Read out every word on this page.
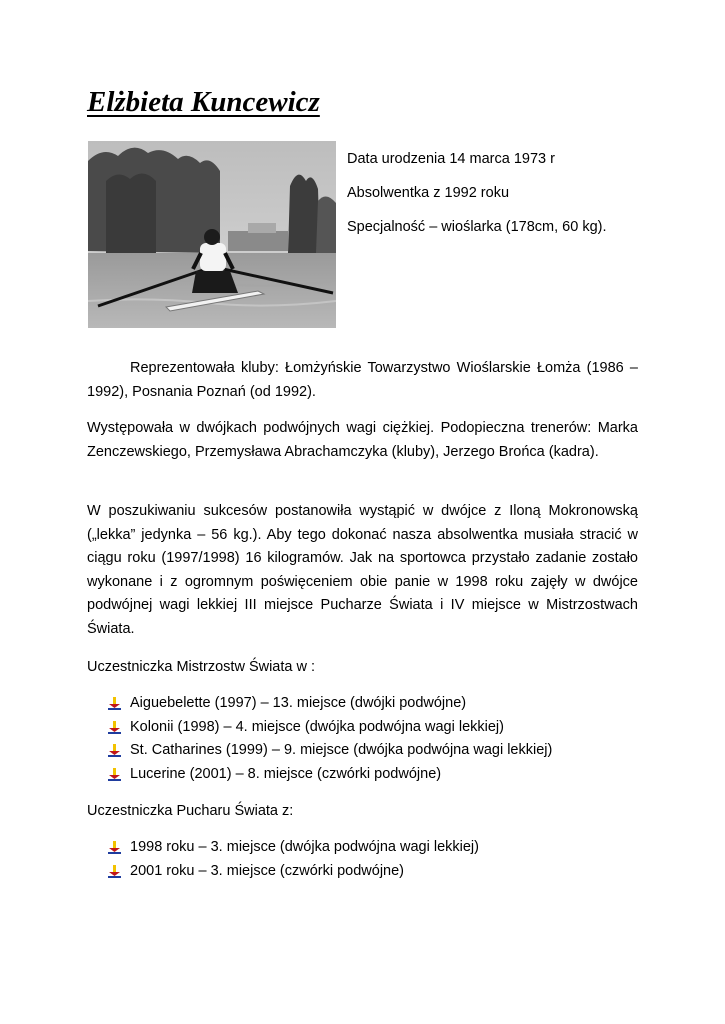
Elżbieta Kuncewicz

Data urodzenia 14 marca 1973 r

Absolwentka z 1992 roku

Specjalność – wioślarka (178cm, 60 kg).

Reprezentowała kluby: Łomżyńskie Towarzystwo Wioślarskie Łomża (1986 – 1992), Posnania Poznań (od 1992).

Występowała w dwójkach podwójnych wagi ciężkiej. Podopieczna trenerów: Marka Zenczewskiego, Przemysława Abrachamczyka (kluby), Jerzego Brońca (kadra).

W poszukiwaniu sukcesów postanowiła wystąpić w dwójce z Iloną Mokronowską („lekka” jedynka – 56 kg.). Aby tego dokonać nasza absolwentka musiała stracić w ciągu roku (1997/1998) 16 kilogramów. Jak na sportowca przystało zadanie zostało wykonane i z ogromnym poświęceniem obie panie w 1998 roku zajęły w dwójce podwójnej wagi lekkiej III miejsce Pucharze Świata i IV miejsce w Mistrzostwach Świata.

Uczestniczka Mistrzostw Świata w :

Aiguebelette (1997) – 13. miejsce (dwójki podwójne)
Kolonii (1998) – 4. miejsce (dwójka podwójna wagi lekkiej)
St. Catharines (1999) – 9. miejsce (dwójka podwójna wagi lekkiej)
Lucerine (2001) – 8. miejsce (czwórki podwójne)

Uczestniczka Pucharu Świata z:

1998 roku – 3. miejsce (dwójka podwójna wagi lekkiej)
2001 roku – 3. miejsce (czwórki podwójne)
